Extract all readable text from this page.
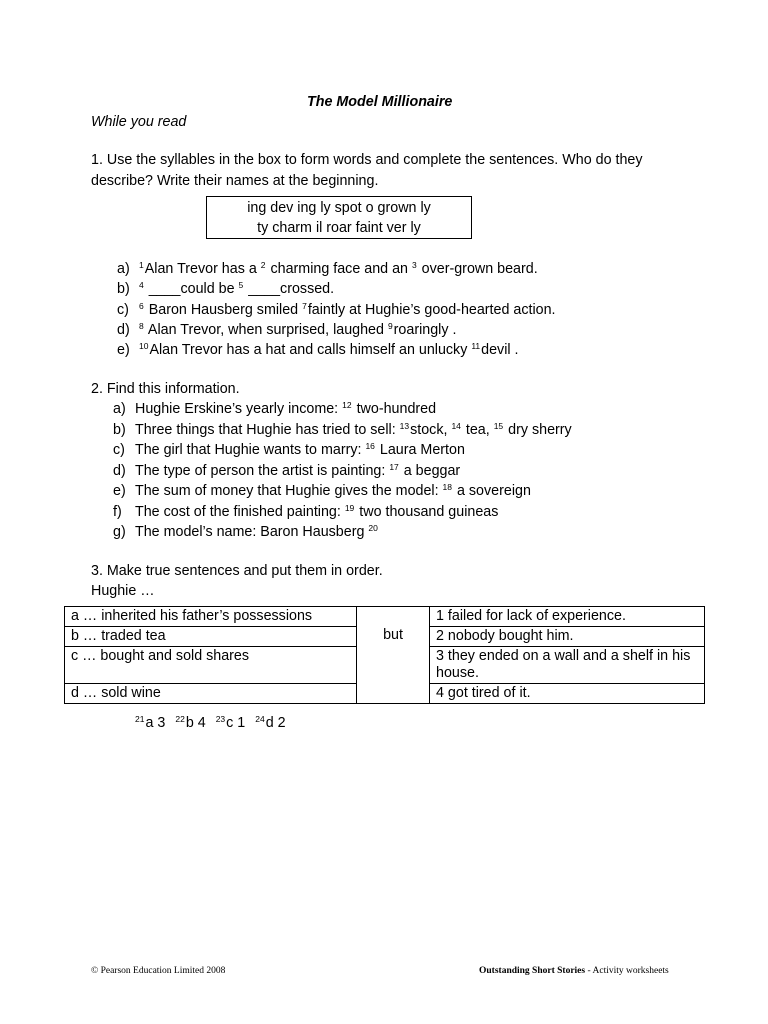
The Model Millionaire
While you read
1. Use the syllables in the box to form words and complete the sentences. Who do they
describe? Write their names at the beginning.
ing dev ing ly spot o grown ly
ty charm il roar faint ver ly
a) $^1$Alan Trevor has a $^2$ charming face and an $^3$ over-grown beard.
b) $^4$ ____could be $^5$ ____crossed.
c) $^6$ Baron Hausberg smiled $^7$faintly at Hughie’s good-hearted action.
d) $^8$ Alan Trevor, when surprised, laughed $^9$roaringly .
e) $^{10}$Alan Trevor has a hat and calls himself an unlucky $^{11}$devil .
2. Find this information.
a) Hughie Erskine’s yearly income: $^{12}$ two-hundred
b) Three things that Hughie has tried to sell: $^{13}$stock, $^{14}$ tea, $^{15}$ dry sherry
c) The girl that Hughie wants to marry: $^{16}$ Laura Merton
d) The type of person the artist is painting: $^{17}$ a beggar
e) The sum of money that Hughie gives the model: $^{18}$ a sovereign
f) The cost of the finished painting: $^{19}$ two thousand guineas
g) The model’s name: Baron Hausberg $^{20}$
3. Make true sentences and put them in order.
Hughie …
a … inherited his father’s possessions	but	1 failed for lack of experience.
b … traded tea		2 nobody bought him.
c … bought and sold shares		3 they ended on a wall and a shelf in his house.
d … sold wine		4 got tired of it.
$^{21}$a 3 $^{22}$b 4 $^{23}$c 1 $^{24}$d 2
© Pearson Education Limited 2008	Outstanding Short Stories - Activity worksheets
